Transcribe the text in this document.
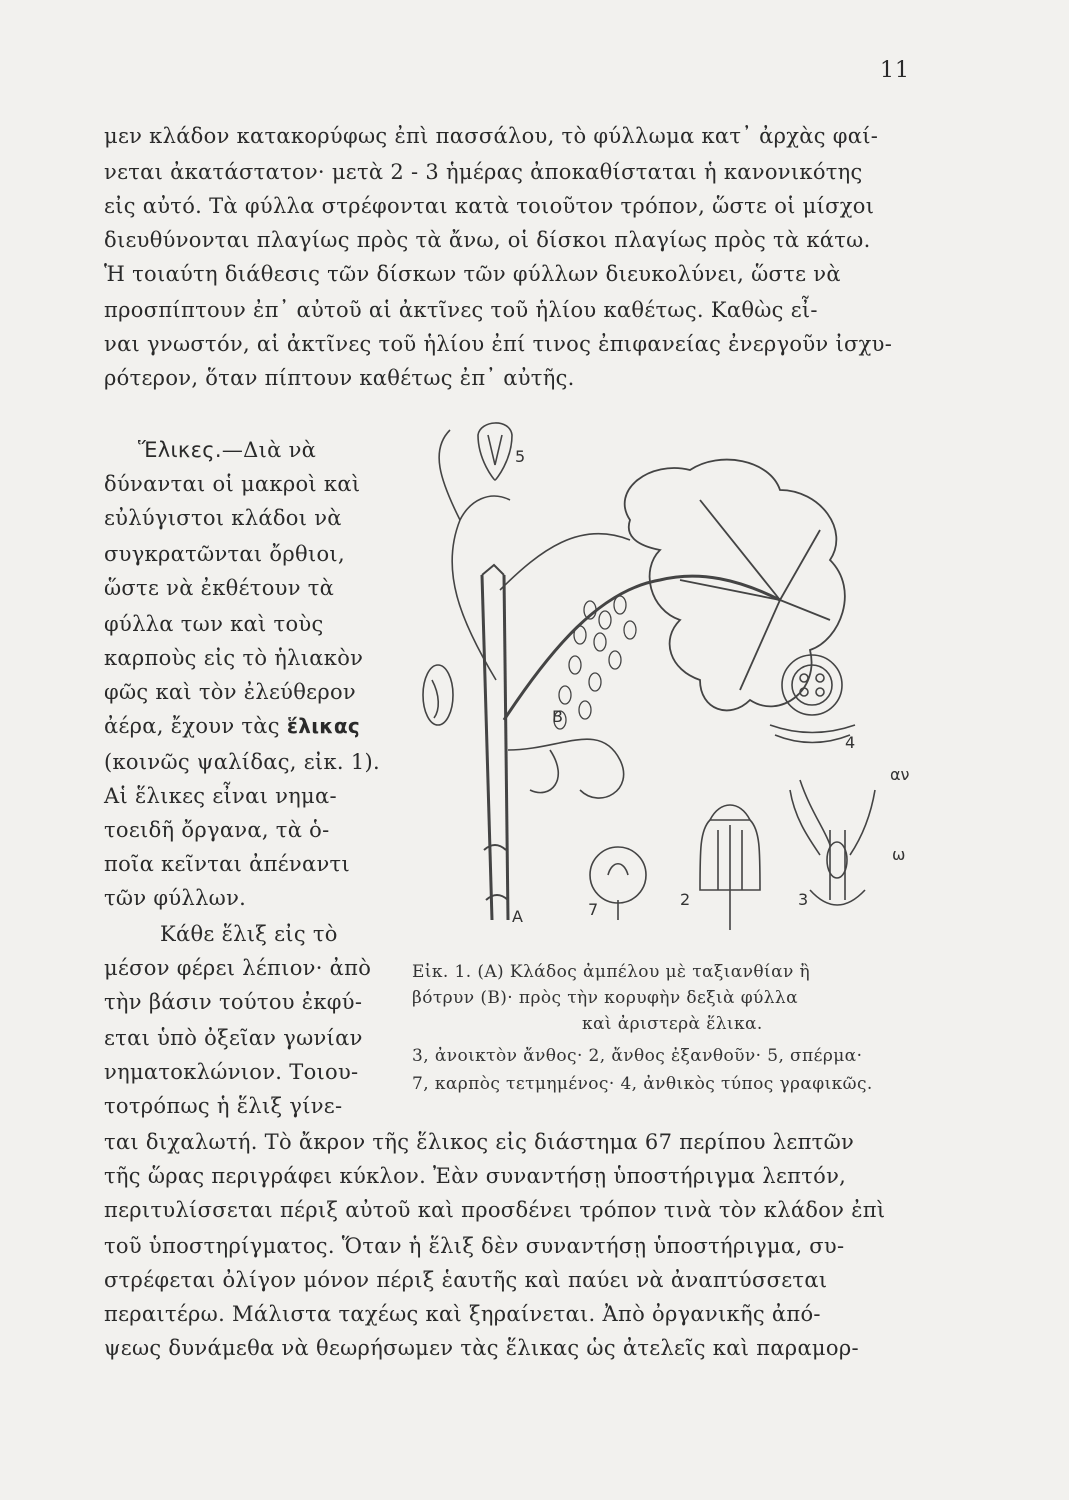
11
μεν κλάδον κατακορύφως ἐπὶ πασσάλου, τὸ φύλλωμα κατ᾽ ἀρχὰς φαί-
νεται ἀκατάστατον· μετὰ 2 - 3 ἡμέρας ἀποκαθίσταται ἡ κανονικότης
εἰς αὐτό. Τὰ φύλλα στρέφονται κατὰ τοιοῦτον τρόπον, ὥστε οἱ μίσχοι
διευθύνονται πλαγίως πρὸς τὰ ἄνω, οἱ δίσκοι πλαγίως πρὸς τὰ κάτω.
Ἡ τοιαύτη διάθεσις τῶν δίσκων τῶν φύλλων διευκολύνει, ὥστε νὰ
προσπίπτουν ἐπ᾽ αὐτοῦ αἱ ἀκτῖνες τοῦ ἡλίου καθέτως. Καθὼς εἶ-
ναι γνωστόν, αἱ ἀκτῖνες τοῦ ἡλίου ἐπί τινος ἐπιφανείας ἐνεργοῦν ἰσχυ-
ρότερον, ὅταν πίπτουν καθέτως ἐπ᾽ αὐτῆς.
Ἕλικες.—Διὰ νὰ
δύνανται οἱ μακροὶ καὶ
εὐλύγιστοι κλάδοι νὰ
συγκρατῶνται ὄρθιοι,
ὥστε νὰ ἐκθέτουν τὰ
φύλλα των καὶ τοὺς
καρποὺς εἰς τὸ ἡλιακὸν
φῶς καὶ τὸν ἐλεύθερον
ἀέρα, ἔχουν τὰς ἕλικας
(κοινῶς ψαλίδας, εἰκ. 1).
Αἱ ἕλικες εἶναι νημα-
τοειδῆ ὄργανα, τὰ ὁ-
ποῖα κεῖνται ἀπέναντι
τῶν φύλλων.
Κάθε ἕλιξ εἰς τὸ
μέσον φέρει λέπιον· ἀπὸ
τὴν βάσιν τούτου ἐκφύ-
εται ὑπὸ ὀξεῖαν γωνίαν
νηματοκλώνιον. Τοιου-
τοτρόπως ἡ ἕλιξ γίνε-
5
B
4
αν
ω
7
2	3
A
Εἰκ. 1. (A) Κλάδος ἀμπέλου μὲ ταξιανθίαν ἢ
βότρυν (B)· πρὸς τὴν κορυφὴν δεξιὰ φύλλα
καὶ ἀριστερὰ ἕλικα.
3, ἀνοικτὸν ἄνθος· 2, ἄνθος ἐξανθοῦν· 5, σπέρμα·
7, καρπὸς τετμημένος· 4, ἀνθικὸς τύπος γραφικῶς.
ται διχαλωτή. Τὸ ἄκρον τῆς ἕλικος εἰς διάστημα 67 περίπου λεπτῶν
τῆς ὥρας περιγράφει κύκλον. Ἐὰν συναντήσῃ ὑποστήριγμα λεπτόν,
περιτυλίσσεται πέριξ αὐτοῦ καὶ προσδένει τρόπον τινὰ τὸν κλάδον ἐπὶ
τοῦ ὑποστηρίγματος. Ὅταν ἡ ἕλιξ δὲν συναντήσῃ ὑποστήριγμα, συ-
στρέφεται ὀλίγον μόνον πέριξ ἑαυτῆς καὶ παύει νὰ ἀναπτύσσεται
περαιτέρω. Μάλιστα ταχέως καὶ ξηραίνεται. Ἀπὸ ὀργανικῆς ἀπό-
ψεως δυνάμεθα νὰ θεωρήσωμεν τὰς ἕλικας ὡς ἀτελεῖς καὶ παραμορ-
